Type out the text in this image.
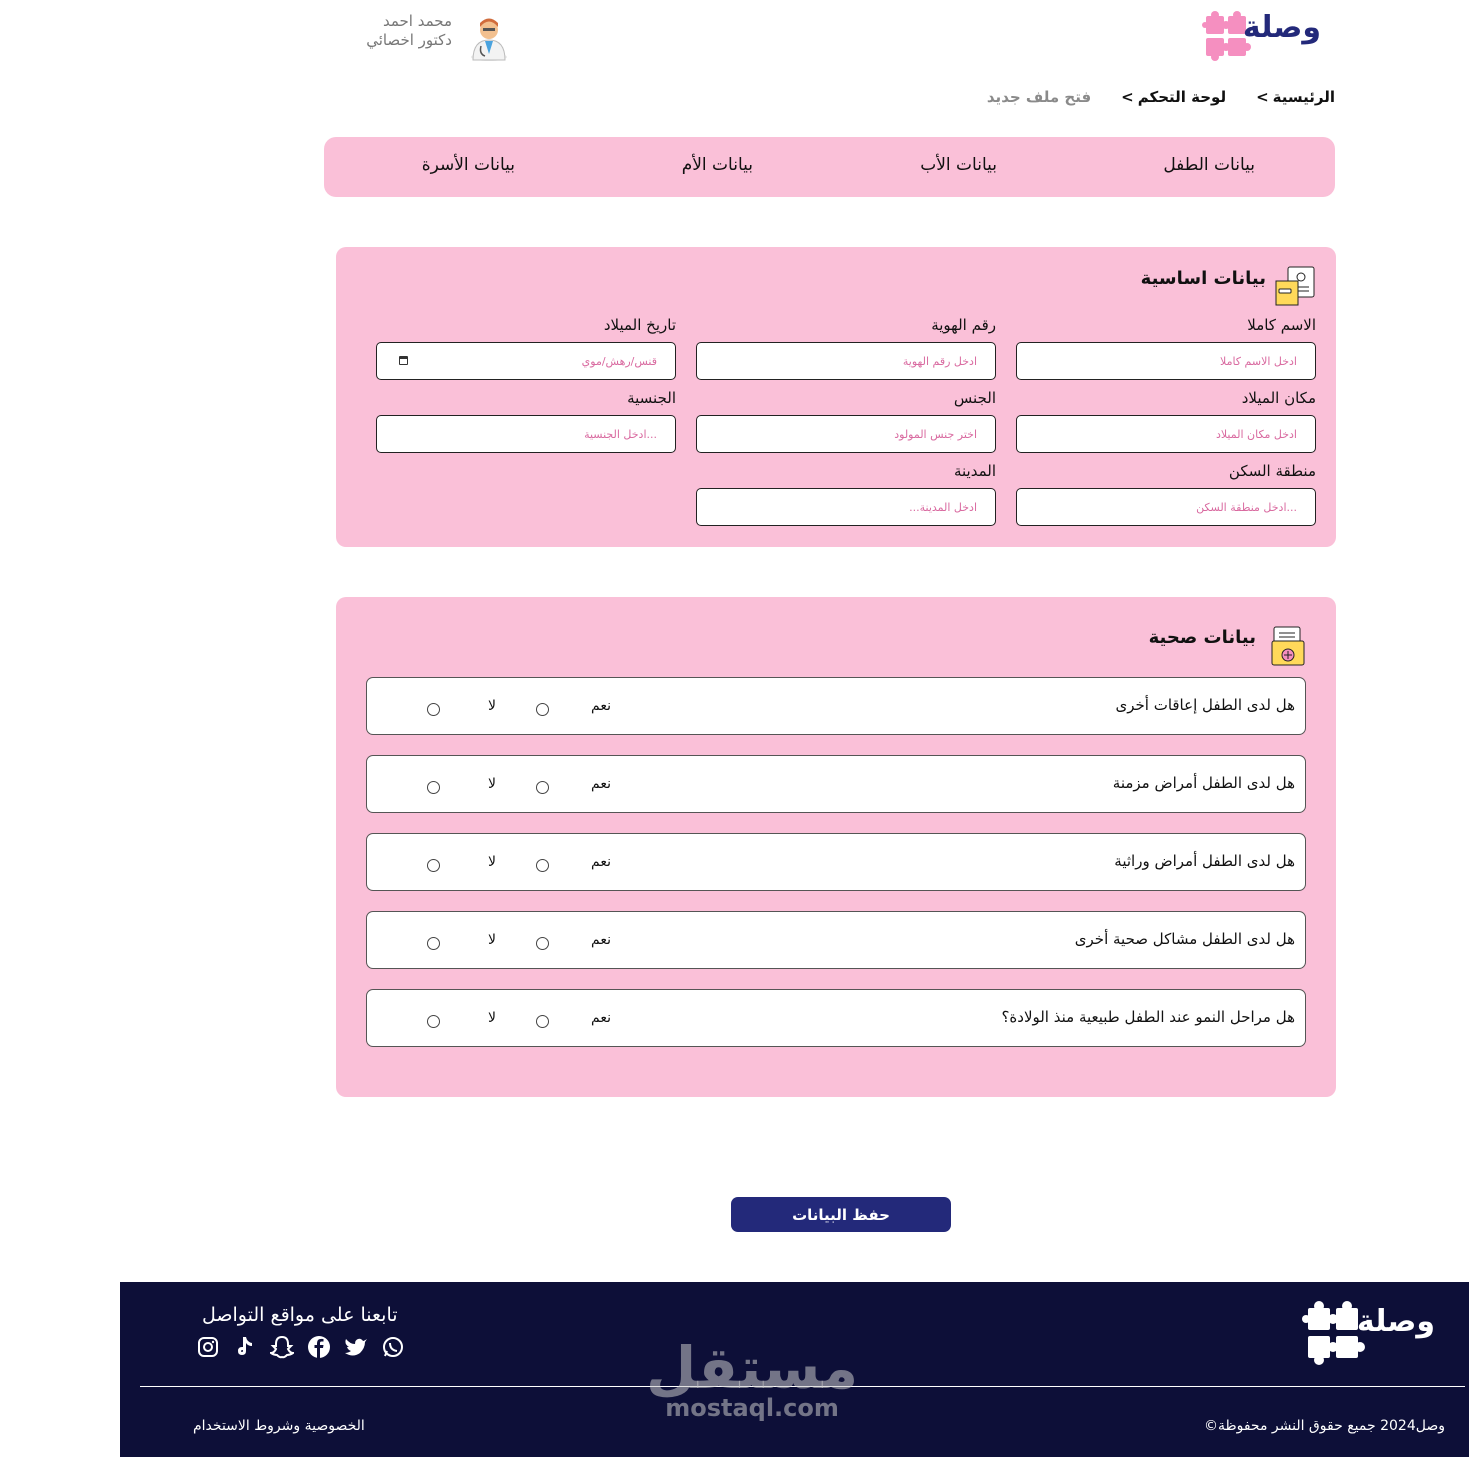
وصلة
محمد احمد
دكتور اخصائي
الرئيسية
>
لوحة التحكم
>
فتح ملف جديد
بيانات الطفل
بيانات الأب
بيانات الأم
بيانات الأسرة
بيانات اساسية
الاسم كاملا
ادخل الاسم كاملا
رقم الهوية
ادخل رقم الهوية
تاريخ الميلاد
ﻗﻨﺲ/رهش/ﻣﻮي
مكان الميلاد
ادخل مكان الميلاد
الجنس
اختر جنس المولود
الجنسية
...ادخل الجنسية
منطقة السكن
...ادخل منطقة السكن
المدينة
ادخل المدينة...
بيانات صحية
هل لدى الطفل إعاقات أخرى
نعم
لا
هل لدى الطفل أمراض مزمنة
نعم
لا
هل لدى الطفل أمراض وراثية
نعم
لا
هل لدى الطفل مشاكل صحية أخرى
نعم
لا
هل مراحل النمو عند الطفل طبيعية منذ الولادة؟
نعم
لا
حفظ البيانات
وصلة
تابعنا على مواقع التواصل
وصل2024 جميع حقوق النشر محفوظة©
الخصوصية وشروط الاستخدام
مستقل
mostaql.com
